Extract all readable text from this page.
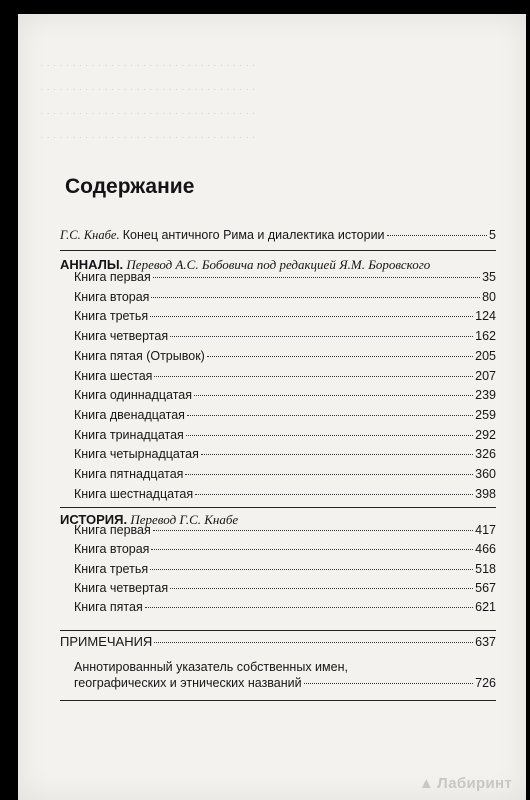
· · · · · · · · · · · · · · · · · · · · · · · · · · · · · · · · · ·
· · · · · · · · · · · · · · · · · · · · · · · · · · · · · · · · · ·
· · · · · · · · · · · · · · · · · · · · · · · · · · · · · · · · · ·
· · · · · · · · · · · · · · · · · · · · · · · · · · · · · · · · · ·
Содержание
Г.С. Кнабе.
Конец античного Рима и диалектика истории	5
АННАЛЫ. Перевод А.С. Бобовича под редакцией Я.М. Боровского
Книга первая	35
Книга вторая	80
Книга третья	124
Книга четвертая	162
Книга пятая (Отрывок)	205
Книга шестая	207
Книга одиннадцатая	239
Книга двенадцатая	259
Книга тринадцатая	292
Книга четырнадцатая	326
Книга пятнадцатая	360
Книга шестнадцатая	398
ИСТОРИЯ. Перевод Г.С. Кнабе
Книга первая	417
Книга вторая	466
Книга третья	518
Книга четвертая	567
Книга пятая	621
ПРИМЕЧАНИЯ	637
Аннотированный указатель собственных имен,
географических и этнических названий	726
▲ Лабиринт
